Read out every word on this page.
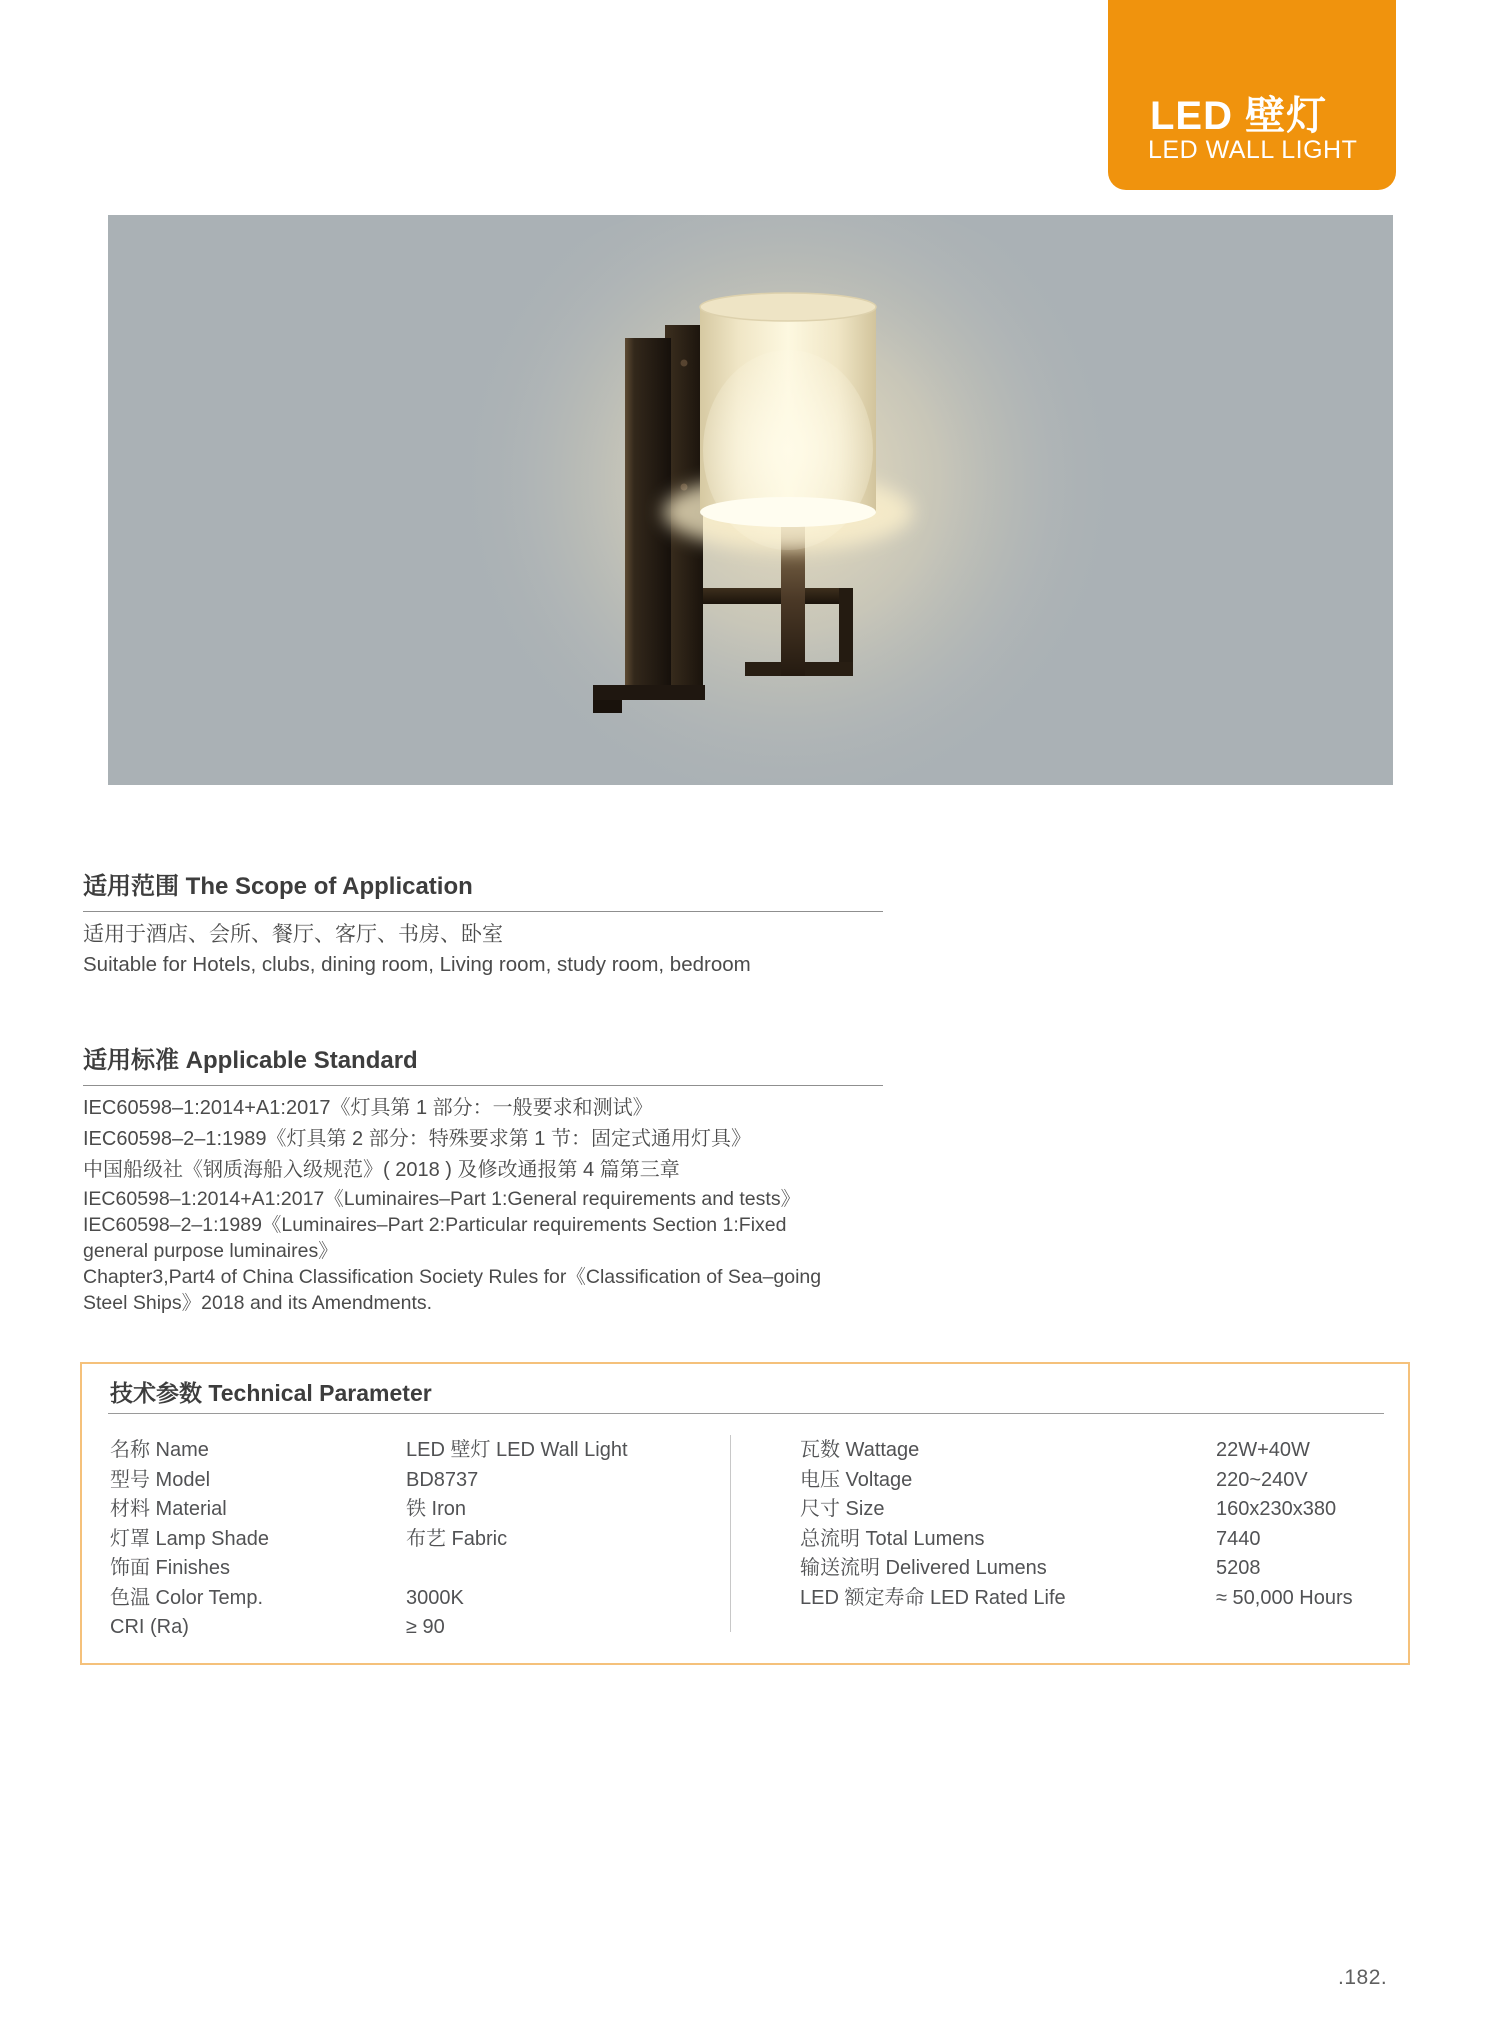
LED 壁灯
LED WALL LIGHT
适用范围 The Scope of Application

适用于酒店、会所、餐厅、客厅、书房、卧室

Suitable for Hotels, clubs, dining room, Living room, study room, bedroom

适用标准 Applicable Standard
IEC60598–1:2014+A1:2017《灯具第 1 部分：一般要求和测试》
IEC60598–2–1:1989《灯具第 2 部分：特殊要求第 1 节：固定式通用灯具》
中国船级社《钢质海船入级规范》( 2018 ) 及修改通报第 4 篇第三章
IEC60598–1:2014+A1:2017《Luminaires–Part 1:General requirements and tests》
IEC60598–2–1:1989《Luminaires–Part 2:Particular requirements Section 1:Fixed
general purpose luminaires》
Chapter3,Part4 of China Classification Society Rules for《Classification of Sea–going
Steel Ships》2018 and its Amendments.
技术参数 Technical Parameter
名称 Name	LED 壁灯 LED Wall Light
型号 Model	BD8737
材料 Material	铁 Iron
灯罩 Lamp Shade	布艺 Fabric
饰面 Finishes
色温 Color Temp.	3000K
CRI (Ra)	≥ 90
瓦数 Wattage	22W+40W
电压 Voltage	220~240V
尺寸 Size	160x230x380
总流明 Total Lumens	7440
输送流明 Delivered Lumens	5208
LED 额定寿命 LED Rated Life	≈ 50,000 Hours
.182.
